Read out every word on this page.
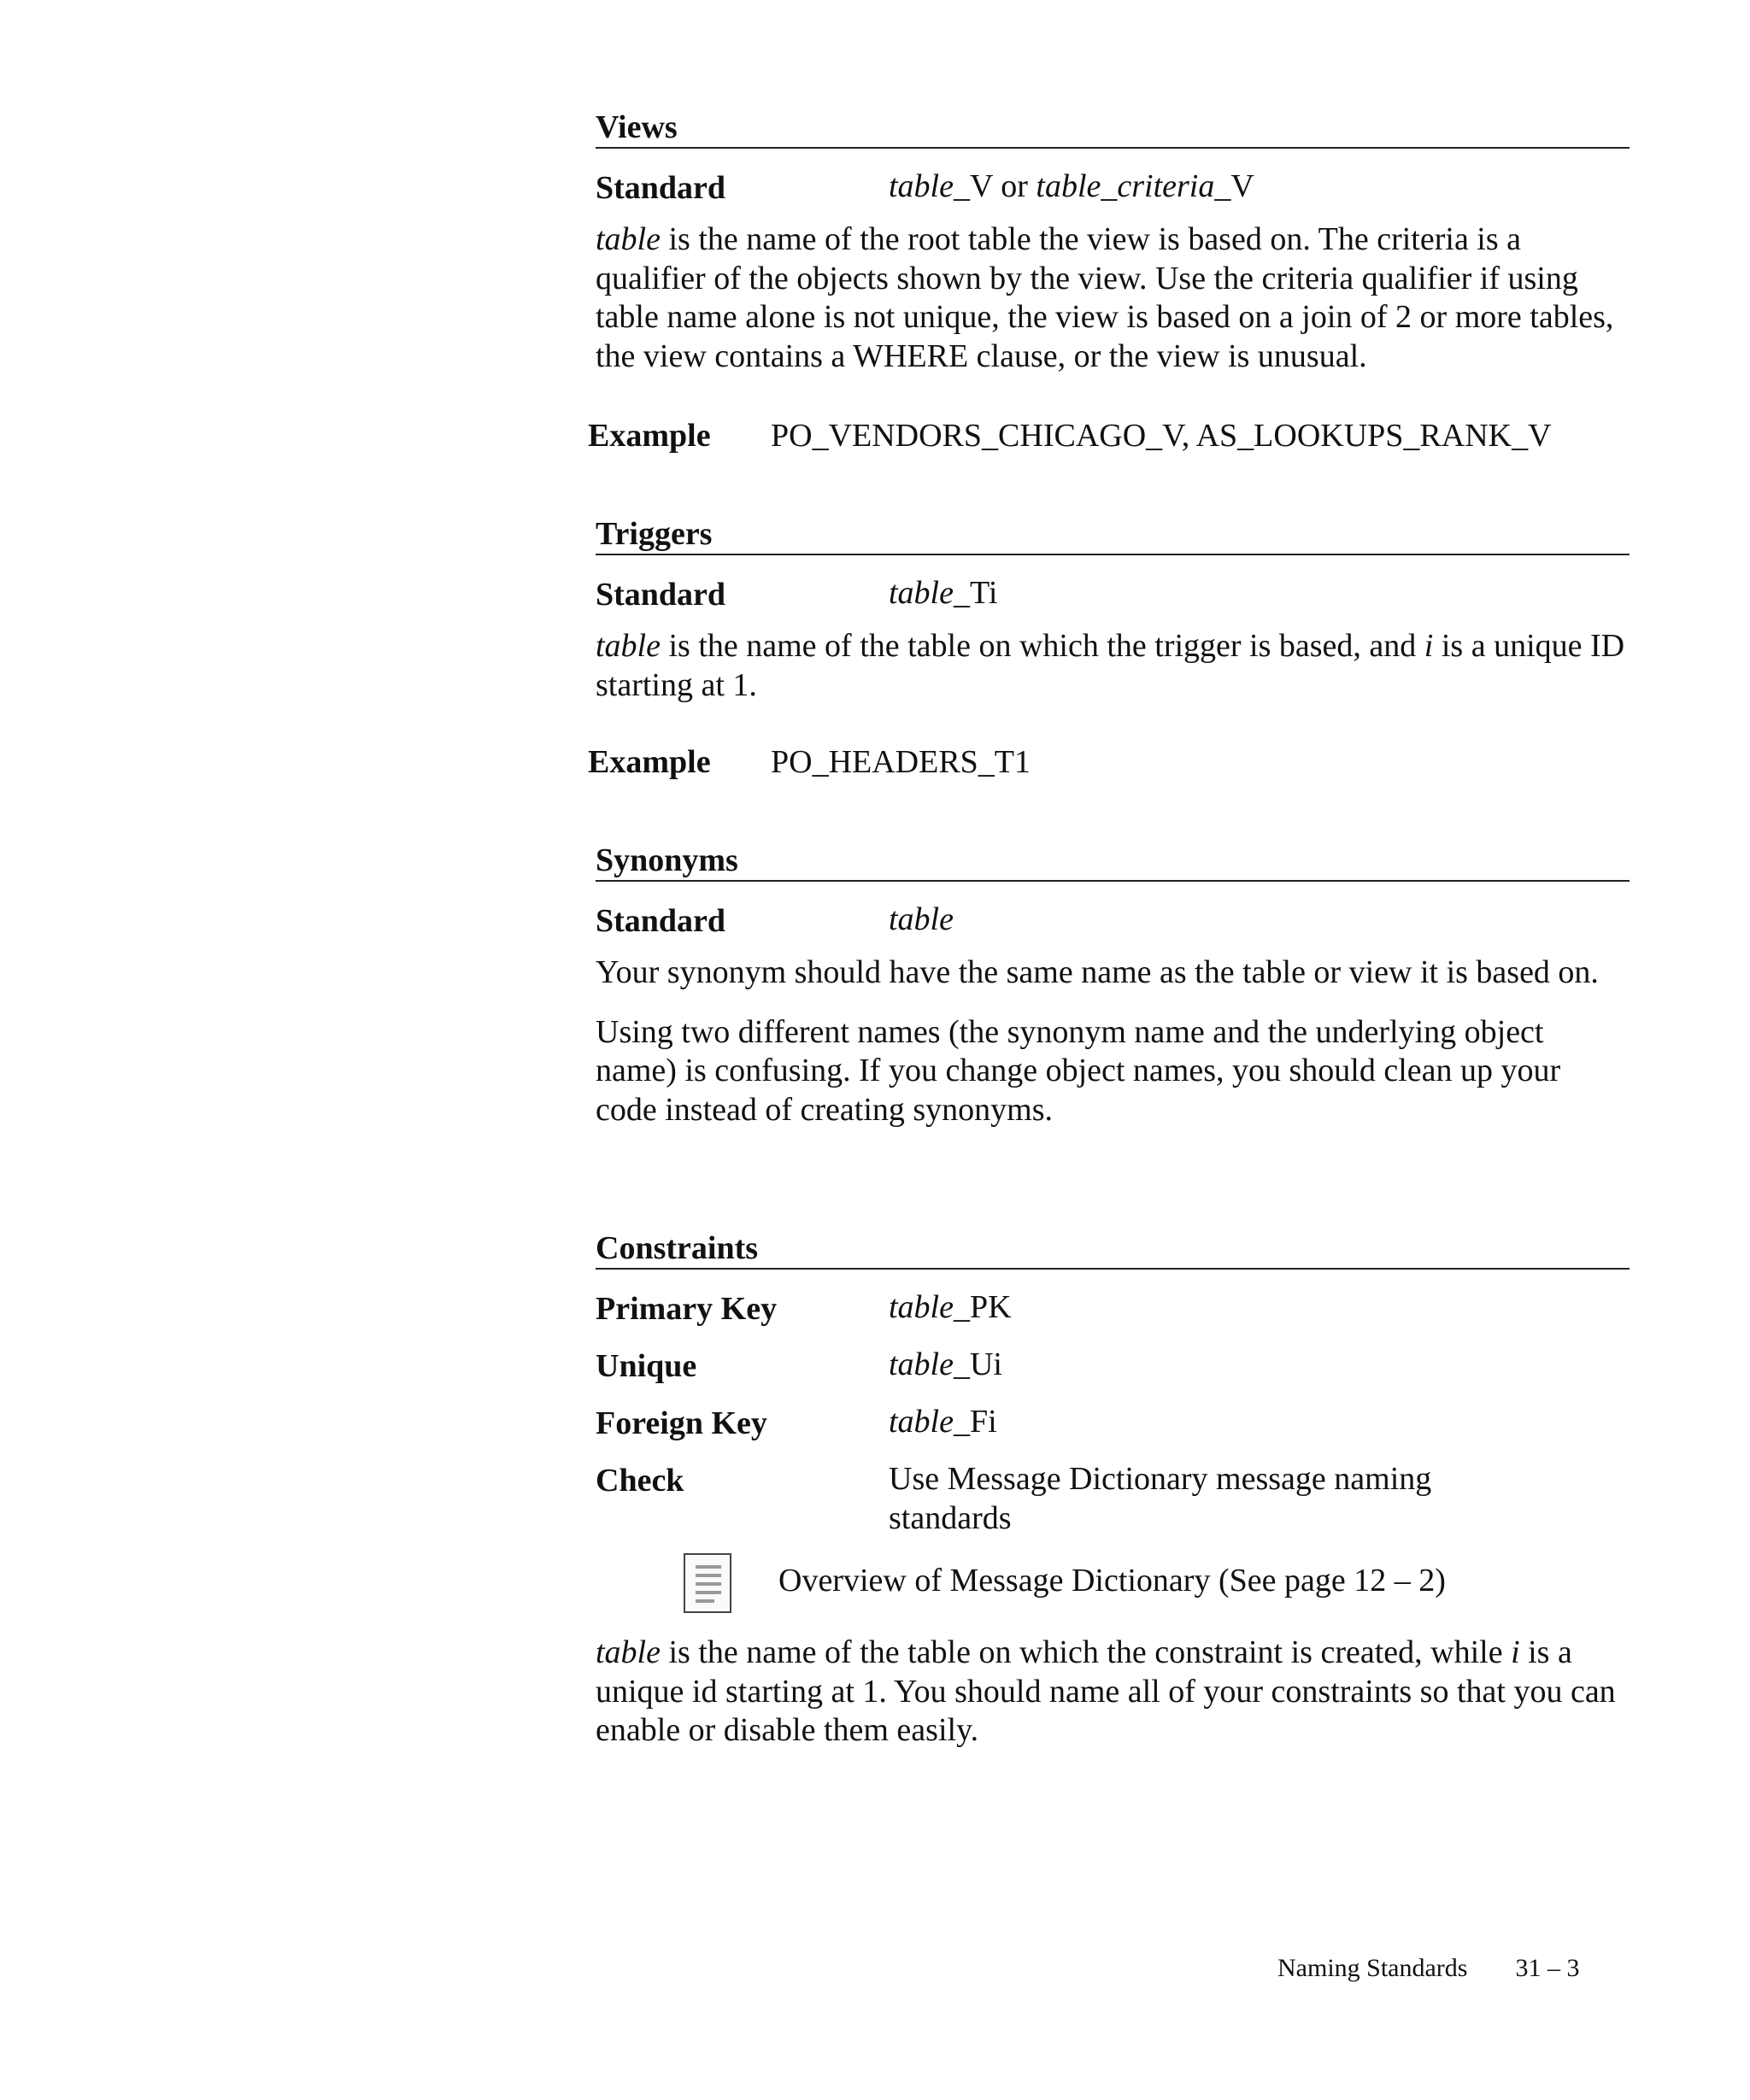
Views
Standard	table_V or table_criteria_V

table is the name of the root table the view is based on. The criteria is a qualifier of the objects shown by the view. Use the criteria qualifier if using table name alone is not unique, the view is based on a join of 2 or more tables, the view contains a WHERE clause, or the view is unusual.

Example PO_VENDORS_CHICAGO_V, AS_LOOKUPS_RANK_V
Triggers
Standard	table_Ti

table is the name of the table on which the trigger is based, and i is a unique ID starting at 1.

Example PO_HEADERS_T1
Synonyms
Standard	table

Your synonym should have the same name as the table or view it is based on.

Using two different names (the synonym name and the underlying object name) is confusing. If you change object names, you should clean up your code instead of creating synonyms.

Constraints
Primary Key	table_PK
Unique	table_Ui
Foreign Key	table_Fi
Check	Use Message Dictionary message naming standards
Overview of Message Dictionary (See page 12 – 2)

table is the name of the table on which the constraint is created, while i is a unique id starting at 1. You should name all of your constraints so that you can enable or disable them easily.

Naming Standards 31 – 3
